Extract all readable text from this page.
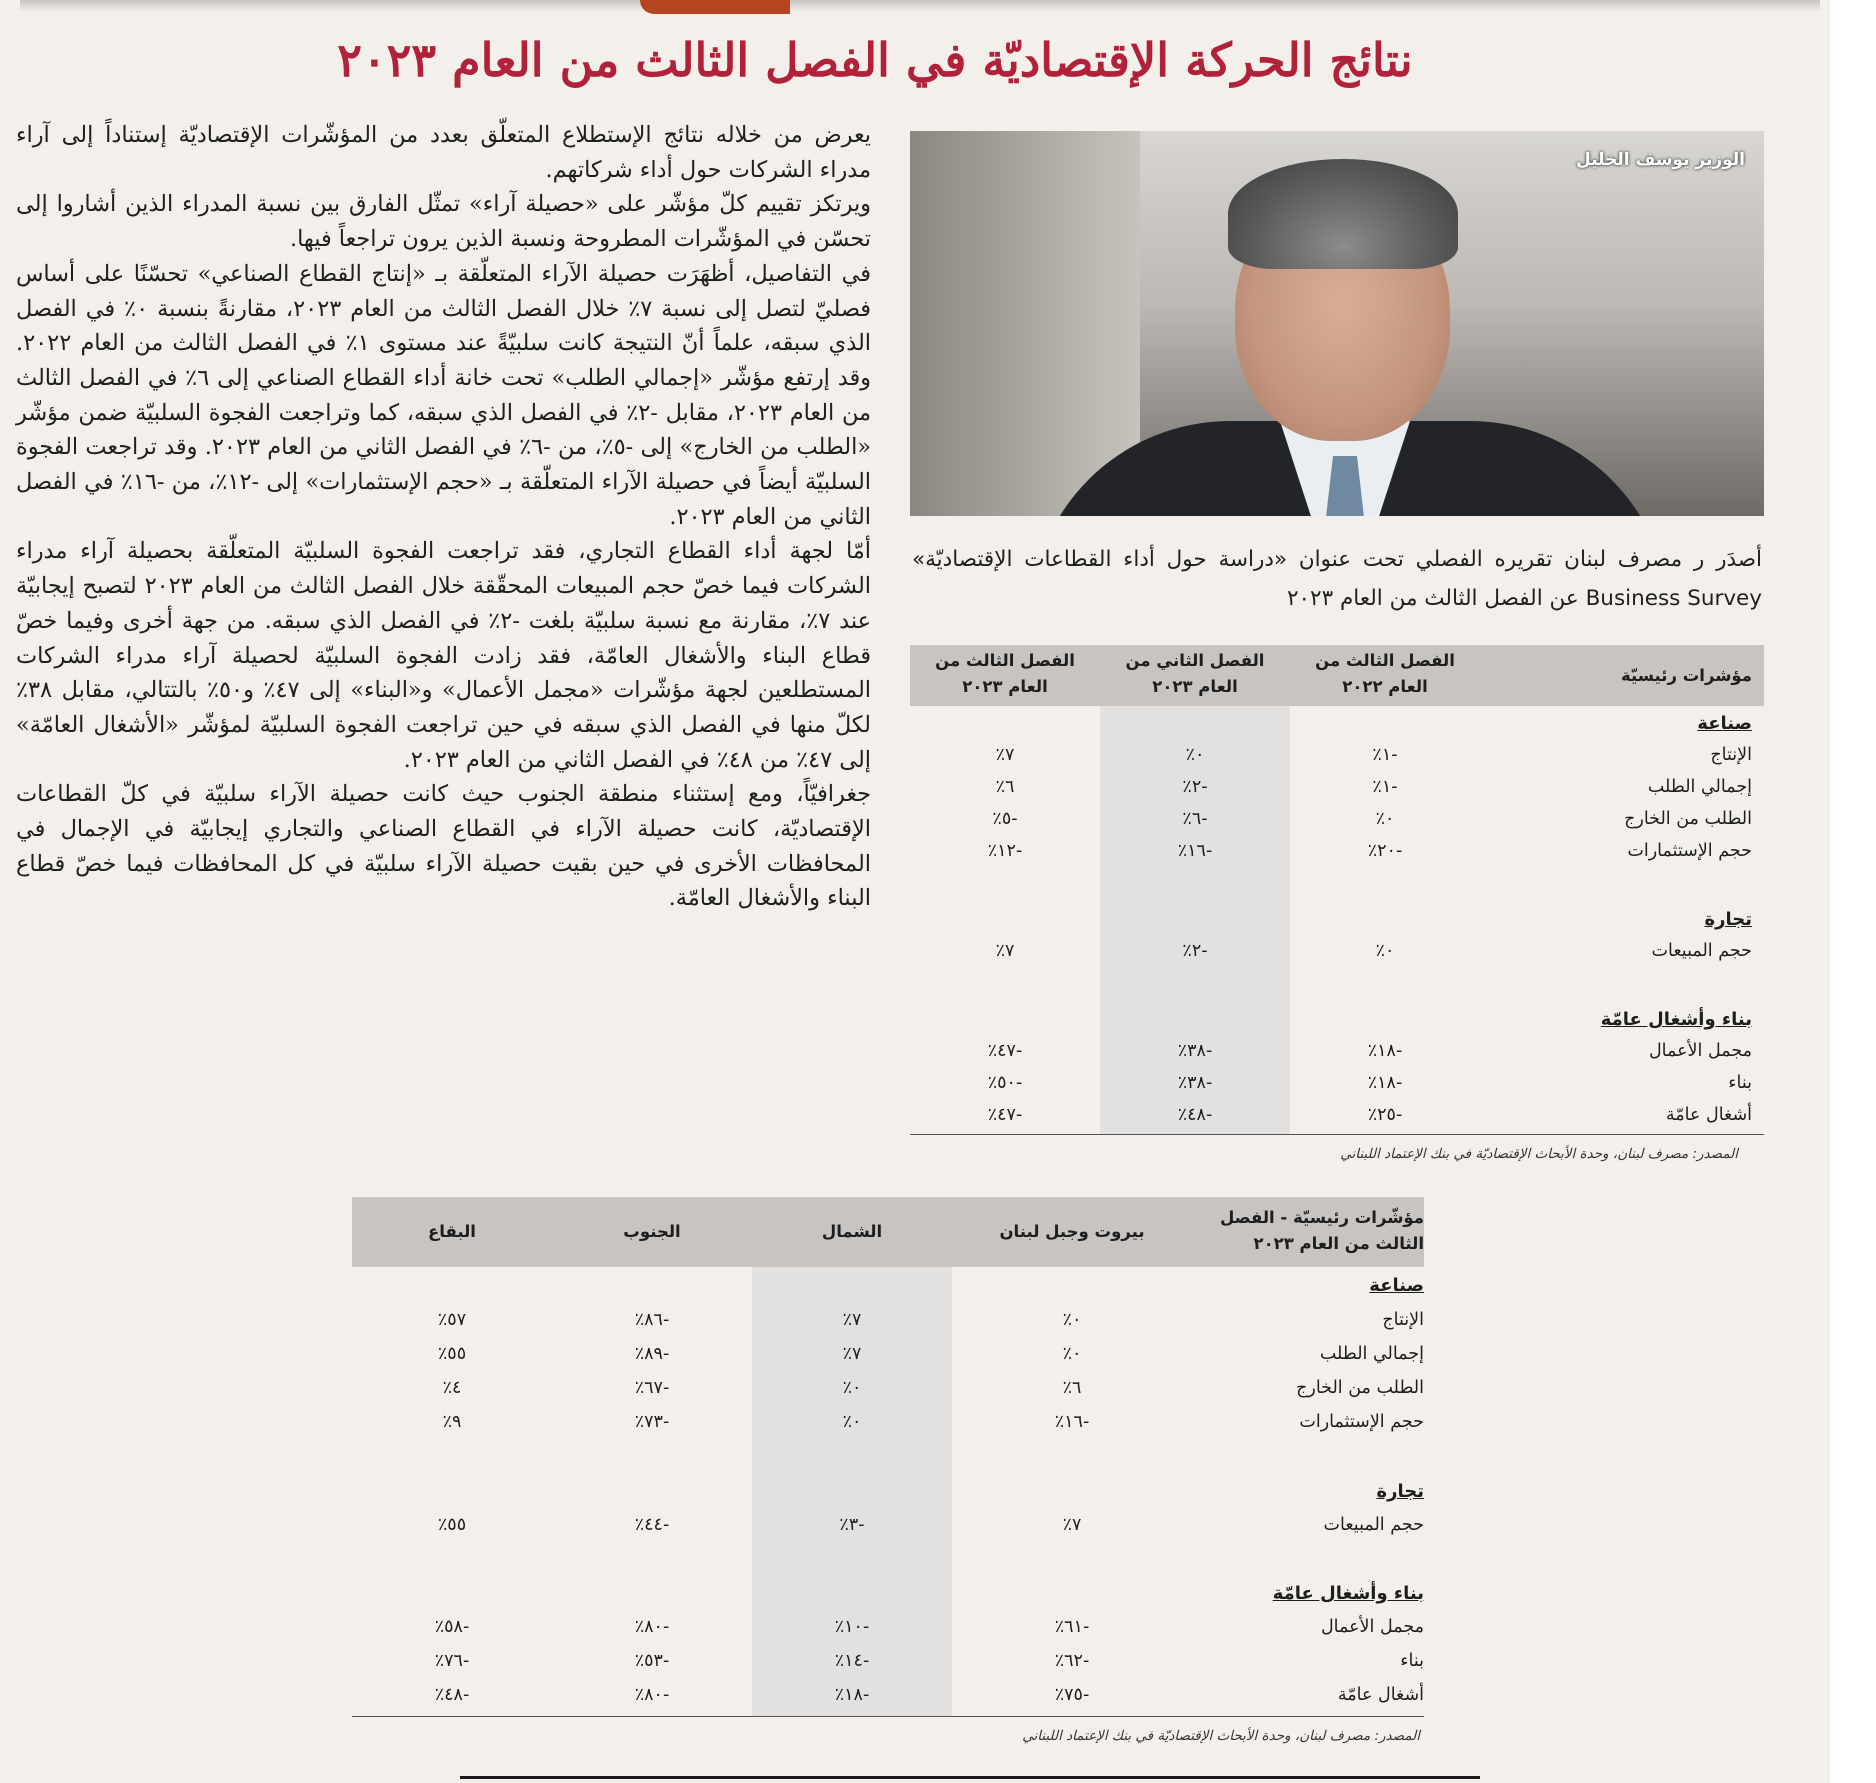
نتائج الحركة الإقتصاديّة في الفصل الثالث من العام ٢٠٢٣

يعرض من خلاله نتائج الإستطلاع المتعلّق بعدد من المؤشّرات الإقتصاديّة إستناداً إلى آراء مدراء الشركات حول أداء شركاتهم.

ويرتكز تقييم كلّ مؤشّر على «حصيلة آراء» تمثّل الفارق بين نسبة المدراء الذين أشاروا إلى تحسّن في المؤشّرات المطروحة ونسبة الذين يرون تراجعاً فيها.

في التفاصيل، أظهَرَت حصيلة الآراء المتعلّقة بـ «إنتاج القطاع الصناعي» تحسّنًا على أساس فصليّ لتصل إلى نسبة ٧٪ خلال الفصل الثالث من العام ٢٠٢٣، مقارنةً بنسبة ٠٪ في الفصل الذي سبقه، علماً أنّ النتيجة كانت سلبيّةً عند مستوى ١٪ في الفصل الثالث من العام ٢٠٢٢. وقد إرتفع مؤشّر «إجمالي الطلب» تحت خانة أداء القطاع الصناعي إلى ٦٪ في الفصل الثالث من العام ٢٠٢٣، مقابل -٢٪ في الفصل الذي سبقه، كما وتراجعت الفجوة السلبيّة ضمن مؤشّر «الطلب من الخارج» إلى -٥٪، من -٦٪ في الفصل الثاني من العام ٢٠٢٣. وقد تراجعت الفجوة السلبيّة أيضاً في حصيلة الآراء المتعلّقة بـ «حجم الإستثمارات» إلى -١٢٪، من -١٦٪ في الفصل الثاني من العام ٢٠٢٣.

أمّا لجهة أداء القطاع التجاري، فقد تراجعت الفجوة السلبيّة المتعلّقة بحصيلة آراء مدراء الشركات فيما خصّ حجم المبيعات المحقّقة خلال الفصل الثالث من العام ٢٠٢٣ لتصبح إيجابيّة عند ٧٪، مقارنة مع نسبة سلبيّة بلغت -٢٪ في الفصل الذي سبقه. من جهة أخرى وفيما خصّ قطاع البناء والأشغال العامّة، فقد زادت الفجوة السلبيّة لحصيلة آراء مدراء الشركات المستطلعين لجهة مؤشّرات «مجمل الأعمال» و«البناء» إلى ٤٧٪ و٥٠٪ بالتتالي، مقابل ٣٨٪ لكلّ منها في الفصل الذي سبقه في حين تراجعت الفجوة السلبيّة لمؤشّر «الأشغال العامّة» إلى ٤٧٪ من ٤٨٪ في الفصل الثاني من العام ٢٠٢٣.

جغرافيّاً، ومع إستثناء منطقة الجنوب حيث كانت حصيلة الآراء سلبيّة في كلّ القطاعات الإقتصاديّة، كانت حصيلة الآراء في القطاع الصناعي والتجاري إيجابيّة في الإجمال في المحافظات الأخرى في حين بقيت حصيلة الآراء سلبيّة في كل المحافظات فيما خصّ قطاع البناء والأشغال العامّة.

الوزير يوسف الخليل
أصدَر ر مصرف لبنان تقريره الفصلي تحت عنوان «دراسة حول أداء القطاعات الإقتصاديّة» Business Survey عن الفصل الثالث من العام ٢٠٢٣
مؤشرات رئيسيّة
الفصل الثالث من
العام ٢٠٢٢
الفصل الثاني من
العام ٢٠٢٣
الفصل الثالث من
العام ٢٠٢٣
صناعة
الإنتاج
-١٪
٠٪
٧٪
إجمالي الطلب
-١٪
-٢٪
٦٪
الطلب من الخارج
٠٪
-٦٪
-٥٪
حجم الإستثمارات
-٢٠٪
-١٦٪
-١٢٪
تجارة
حجم المبيعات
٠٪
-٢٪
٧٪
بناء وأشغال عامّة
مجمل الأعمال
-١٨٪
-٣٨٪
-٤٧٪
بناء
-١٨٪
-٣٨٪
-٥٠٪
أشغال عامّة
-٢٥٪
-٤٨٪
-٤٧٪
المصدر: مصرف لبنان، وحدة الأبحاث الإقتصاديّة في بنك الإعتماد اللبناني
مؤشّرات رئيسيّة - الفصل
الثالث من العام ٢٠٢٣
بيروت وجبل لبنان
الشمال
الجنوب
البقاع
صناعة
الإنتاج
٠٪
٧٪
-٨٦٪
٥٧٪
إجمالي الطلب
٠٪
٧٪
-٨٩٪
٥٥٪
الطلب من الخارج
٦٪
٠٪
-٦٧٪
٤٪
حجم الإستثمارات
-١٦٪
٠٪
-٧٣٪
٩٪
تجارة
حجم المبيعات
٧٪
-٣٪
-٤٤٪
٥٥٪
بناء وأشغال عامّة
مجمل الأعمال
-٦١٪
-١٠٪
-٨٠٪
-٥٨٪
بناء
-٦٢٪
-١٤٪
-٥٣٪
-٧٦٪
أشغال عامّة
-٧٥٪
-١٨٪
-٨٠٪
-٤٨٪
المصدر: مصرف لبنان، وحدة الأبحاث الإقتصاديّة في بنك الإعتماد اللبناني
